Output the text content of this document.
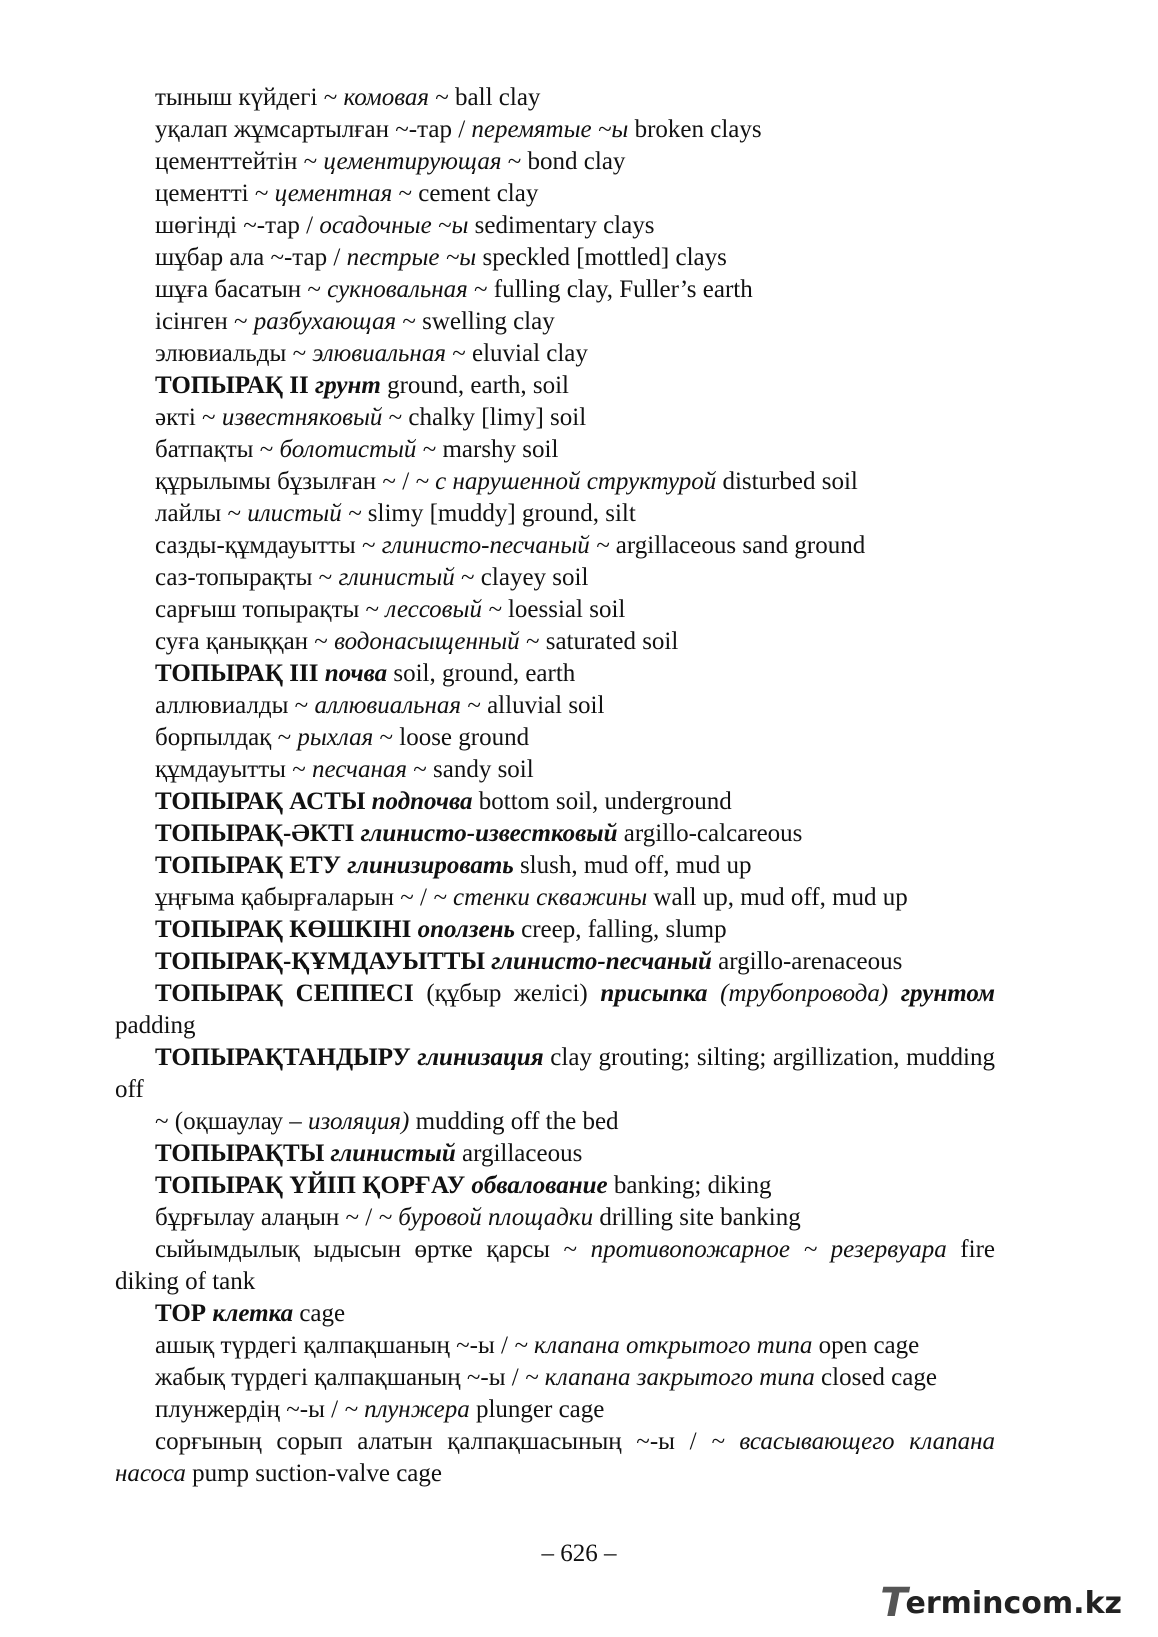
тыныш күйдегі ~ комовая ~ ball clay

уқалап жұмсартылған ~-тар / перемятые ~ы broken clays

цементтейтін ~ цементирующая ~ bond clay

цементті ~ цементная ~ cement clay

шөгінді ~-тар / осадочные ~ы sedimentary clays

шұбар ала ~-тар / пестрые ~ы speckled [mottled] clays

шұға басатын ~ сукновальная ~ fulling clay, Fuller’s earth

ісінген ~ разбухающая ~ swelling clay

элювиальды ~ элювиальная ~ eluvial clay

ТОПЫРАҚ II грунт ground, earth, soil

əкті ~ известняковый ~ chalky [limy] soil

батпақты ~ болотистый ~ marshy soil

құрылымы бұзылған ~ / ~ с нарушенной структурой disturbed soil

лайлы ~ илистый ~ slimy [muddy] ground, silt

сазды-құмдауытты ~ глинисто-песчаный ~ argillaceous sand ground

саз-топырақты ~ глинистый ~ clayey soil

сарғыш топырақты ~ лессовый ~ loessial soil

суға қаныққан ~ водонасыщенный ~ saturated soil

ТОПЫРАҚ III почва soil, ground, earth

аллювиалды ~ аллювиальная ~ alluvial soil

борпылдақ ~ рыхлая ~ loose ground

құмдауытты ~ песчаная ~ sandy soil

ТОПЫРАҚ АСТЫ подпочва bottom soil, underground

ТОПЫРАҚ-ƏКТІ глинисто-известковый argillo-calcareous

ТОПЫРАҚ ЕТУ глинизировать slush, mud off, mud up

ұңғыма қабырғаларын ~ / ~ стенки скважины wall up, mud off, mud up

ТОПЫРАҚ КӨШКІНІ оползень creep, falling, slump

ТОПЫРАҚ-ҚҰМДАУЫТТЫ глинисто-песчаный argillo-arenaceous

ТОПЫРАҚ СЕППЕСІ (құбыр желісі) присыпка (трубопровода) грунтом padding

ТОПЫРАҚТАНДЫРУ глинизация clay grouting; silting; argillization, mudding off

~ (оқшаулау – изоляция) mudding off the bed

ТОПЫРАҚТЫ глинистый argillaceous

ТОПЫРАҚ ҮЙІП ҚОРҒАУ обвалование banking; diking

бұрғылау алаңын ~ / ~ буровой площадки drilling site banking

сыйымдылық ыдысын өртке қарсы ~ противопожарное ~ резервуара fire diking of tank

ТОР клетка cage

ашық түрдегі қалпақшаның ~-ы / ~ клапана открытого типа open cage

жабық түрдегі қалпақшаның ~-ы / ~ клапана закрытого типа closed cage

плунжердің ~-ы / ~ плунжера plunger cage

сорғының сорып алатын қалпақшасының ~-ы / ~ всасывающего клапана насоса pump suction-valve cage

– 626 –
T
ermincom.kz
